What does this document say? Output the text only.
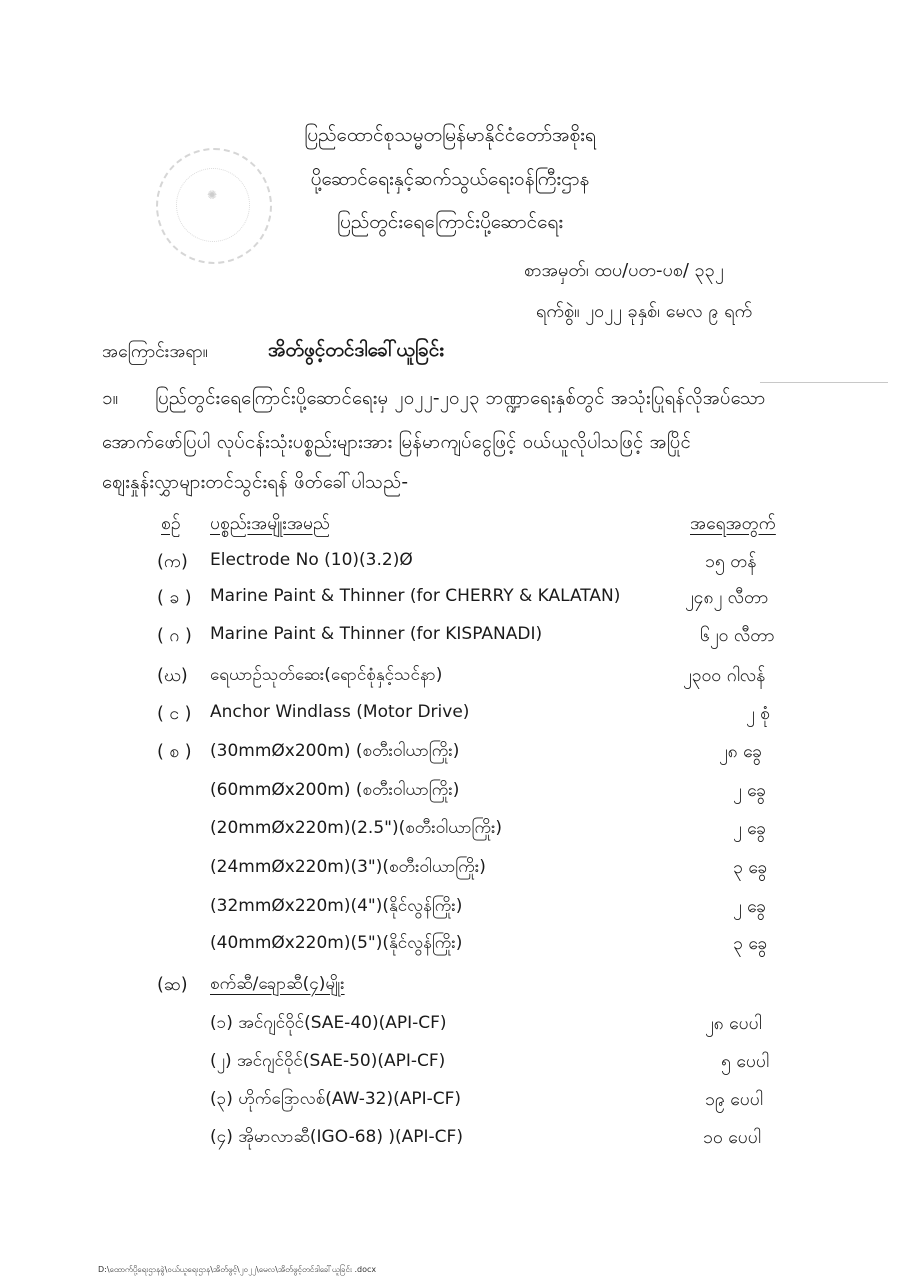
✺
ပြည်ထောင်စုသမ္မတမြန်မာနိုင်ငံတော်အစိုးရ
ပို့ဆောင်ရေးနှင့်ဆက်သွယ်ရေးဝန်ကြီးဌာန
ပြည်တွင်းရေကြောင်းပို့ဆောင်ရေး
စာအမှတ်၊ ထပ/ပတ-ပစ/ ၃၃၂
ရက်စွဲ။ ၂၀၂၂ ခုနှစ်၊ မေလ ၉ ရက်
အကြောင်းအရာ။	အိတ်ဖွင့်တင်ဒါခေါ်ယူခြင်း
၁။ ပြည်တွင်းရေကြောင်းပို့ဆောင်ရေးမှ ၂၀၂၂-၂၀၂၃ ဘဏ္ဍာရေးနှစ်တွင် အသုံးပြုရန်လိုအပ်သော
အောက်ဖော်ပြပါ လုပ်ငန်းသုံးပစ္စည်းများအား မြန်မာကျပ်ငွေဖြင့် ဝယ်ယူလိုပါသဖြင့် အပြိုင်
ဈေးနှုန်းလွှာများတင်သွင်းရန် ဖိတ်ခေါ်ပါသည်-
စဉ် ပစ္စည်းအမျိုးအမည်	အရေအတွက်
(က) Electrode No (10)(3.2)Ø	၁၅ တန်
( ခ ) Marine Paint & Thinner (for CHERRY & KALATAN)	၂၄၈၂ လီတာ
( ဂ ) Marine Paint & Thinner (for KISPANADI)	၆၂၀ လီတာ
(ဃ) ရေယာဉ်သုတ်ဆေး(ရောင်စုံနှင့်သင်နာ)	၂၃၀၀ ဂါလန်
( င ) Anchor Windlass (Motor Drive)	၂ စုံ
( စ ) (30mmØx200m) (စတီးဝါယာကြိုး)	၂၈ ခွေ
(60mmØx200m) (စတီးဝါယာကြိုး)	၂ ခွေ
(20mmØx220m)(2.5")(စတီးဝါယာကြိုး)	၂ ခွေ
(24mmØx220m)(3")(စတီးဝါယာကြိုး)	၃ ခွေ
(32mmØx220m)(4")(နိုင်လွန်ကြိုး)	၂ ခွေ
(40mmØx220m)(5")(နိုင်လွန်ကြိုး)	၃ ခွေ
(ဆ) စက်ဆီ/ချောဆီ(၄)မျိုး
(၁) အင်ဂျင်ဝိုင်(SAE-40)(API-CF)	၂၈ ပေပါ
(၂) အင်ဂျင်ဝိုင်(SAE-50)(API-CF)	၅ ပေပါ
(၃) ဟိုက်ဒြောလစ်(AW-32)(API-CF)	၁၉ ပေပါ
(၄) အိုမာလာဆီ(IGO-68) )(API-CF)	၁၀ ပေပါ
D:\ထောက်ပို့ရေးဌာနခွဲ\ဝယ်ယူရေးဌာန\အိတ်ဖွင့်\၂၀၂၂\မေလ\အိတ်ဖွင့်တင်ဒါခေါ်ယူခြင်း .docx
